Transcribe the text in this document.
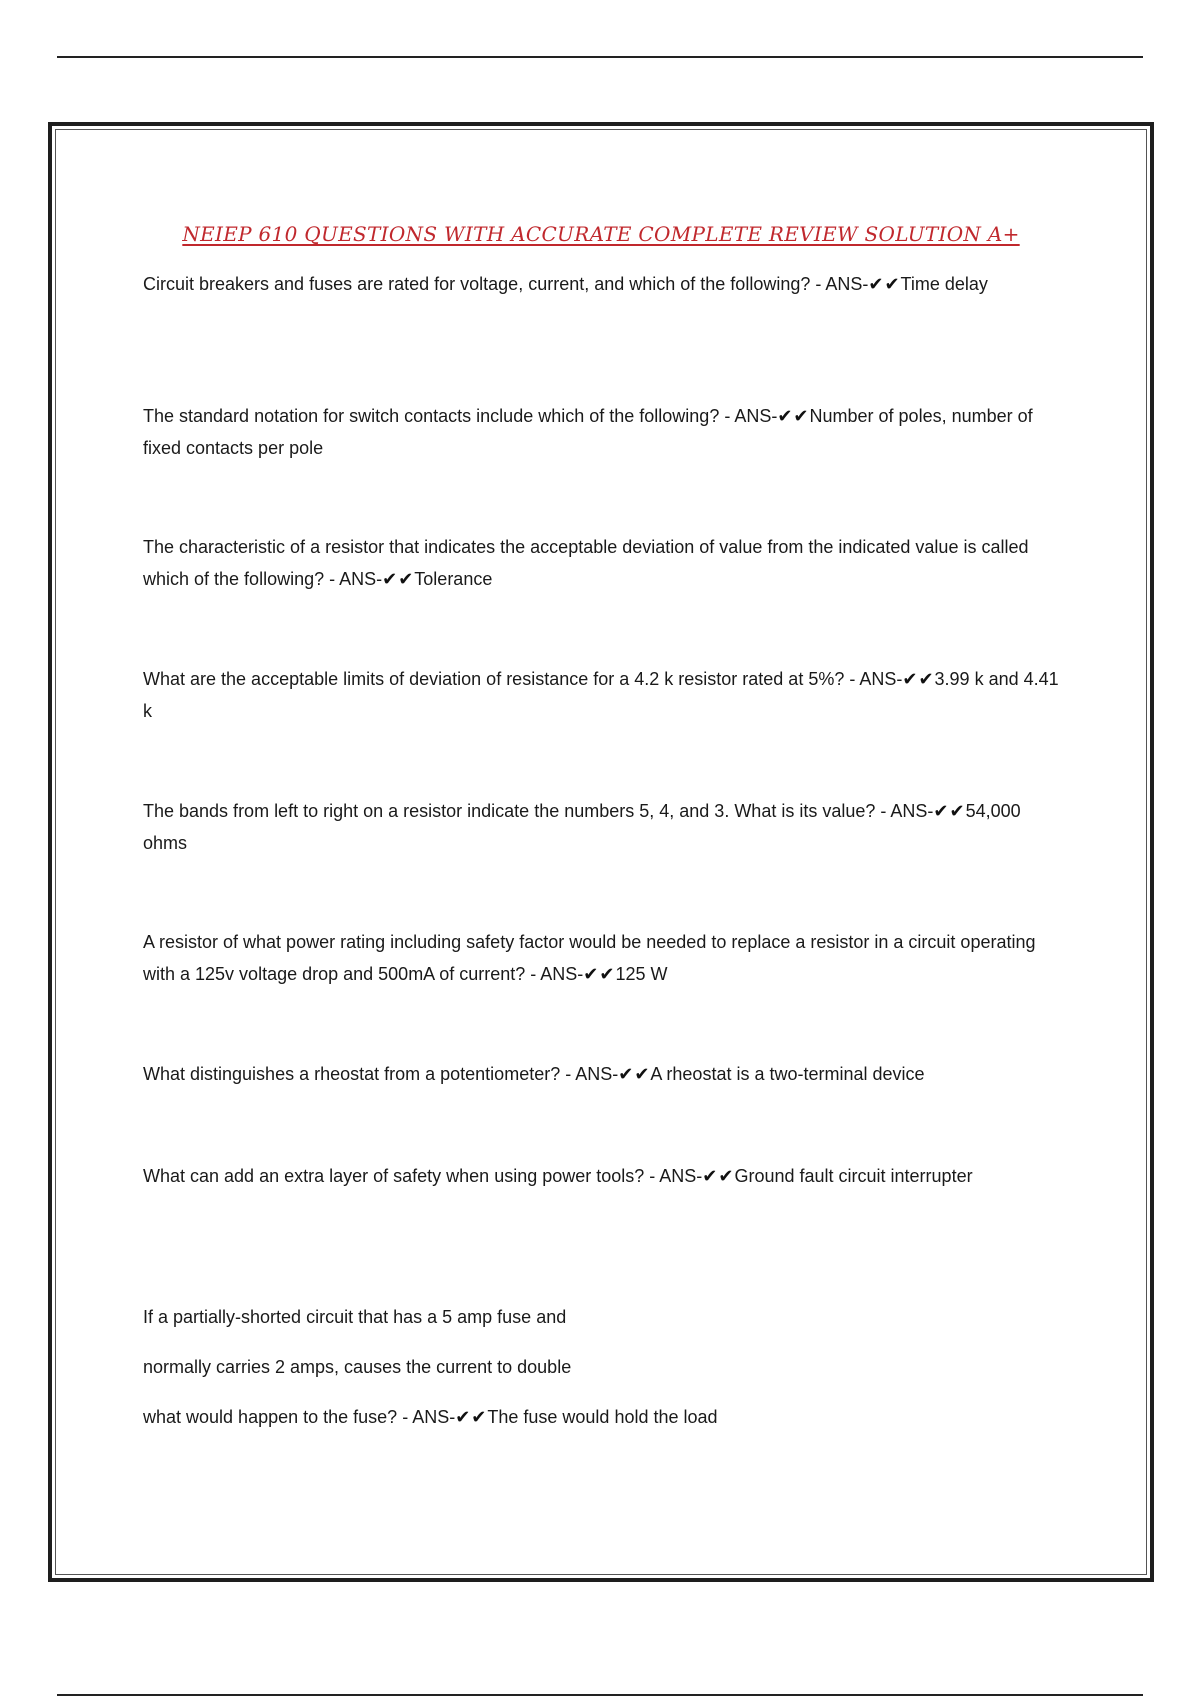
NEIEP 610 QUESTIONS WITH ACCURATE COMPLETE REVIEW SOLUTION A+
Circuit breakers and fuses are rated for voltage, current, and which of the following? - ANS-✔✔Time delay
The standard notation for switch contacts include which of the following? - ANS-✔✔Number of poles, number of fixed contacts per pole
The characteristic of a resistor that indicates the acceptable deviation of value from the indicated value is called which of the following? - ANS-✔✔Tolerance
What are the acceptable limits of deviation of resistance for a 4.2 k resistor rated at 5%? - ANS-✔✔3.99 k and 4.41 k
The bands from left to right on a resistor indicate the numbers 5, 4, and 3. What is its value? - ANS-✔✔54,000 ohms
A resistor of what power rating including safety factor would be needed to replace a resistor in a circuit operating with a 125v voltage drop and 500mA of current? - ANS-✔✔125 W
What distinguishes a rheostat from a potentiometer? - ANS-✔✔A rheostat is a two-terminal device
What can add an extra layer of safety when using power tools? - ANS-✔✔Ground fault circuit interrupter
If a partially-shorted circuit that has a 5 amp fuse and
normally carries 2 amps, causes the current to double
what would happen to the fuse? - ANS-✔✔The fuse would hold the load
